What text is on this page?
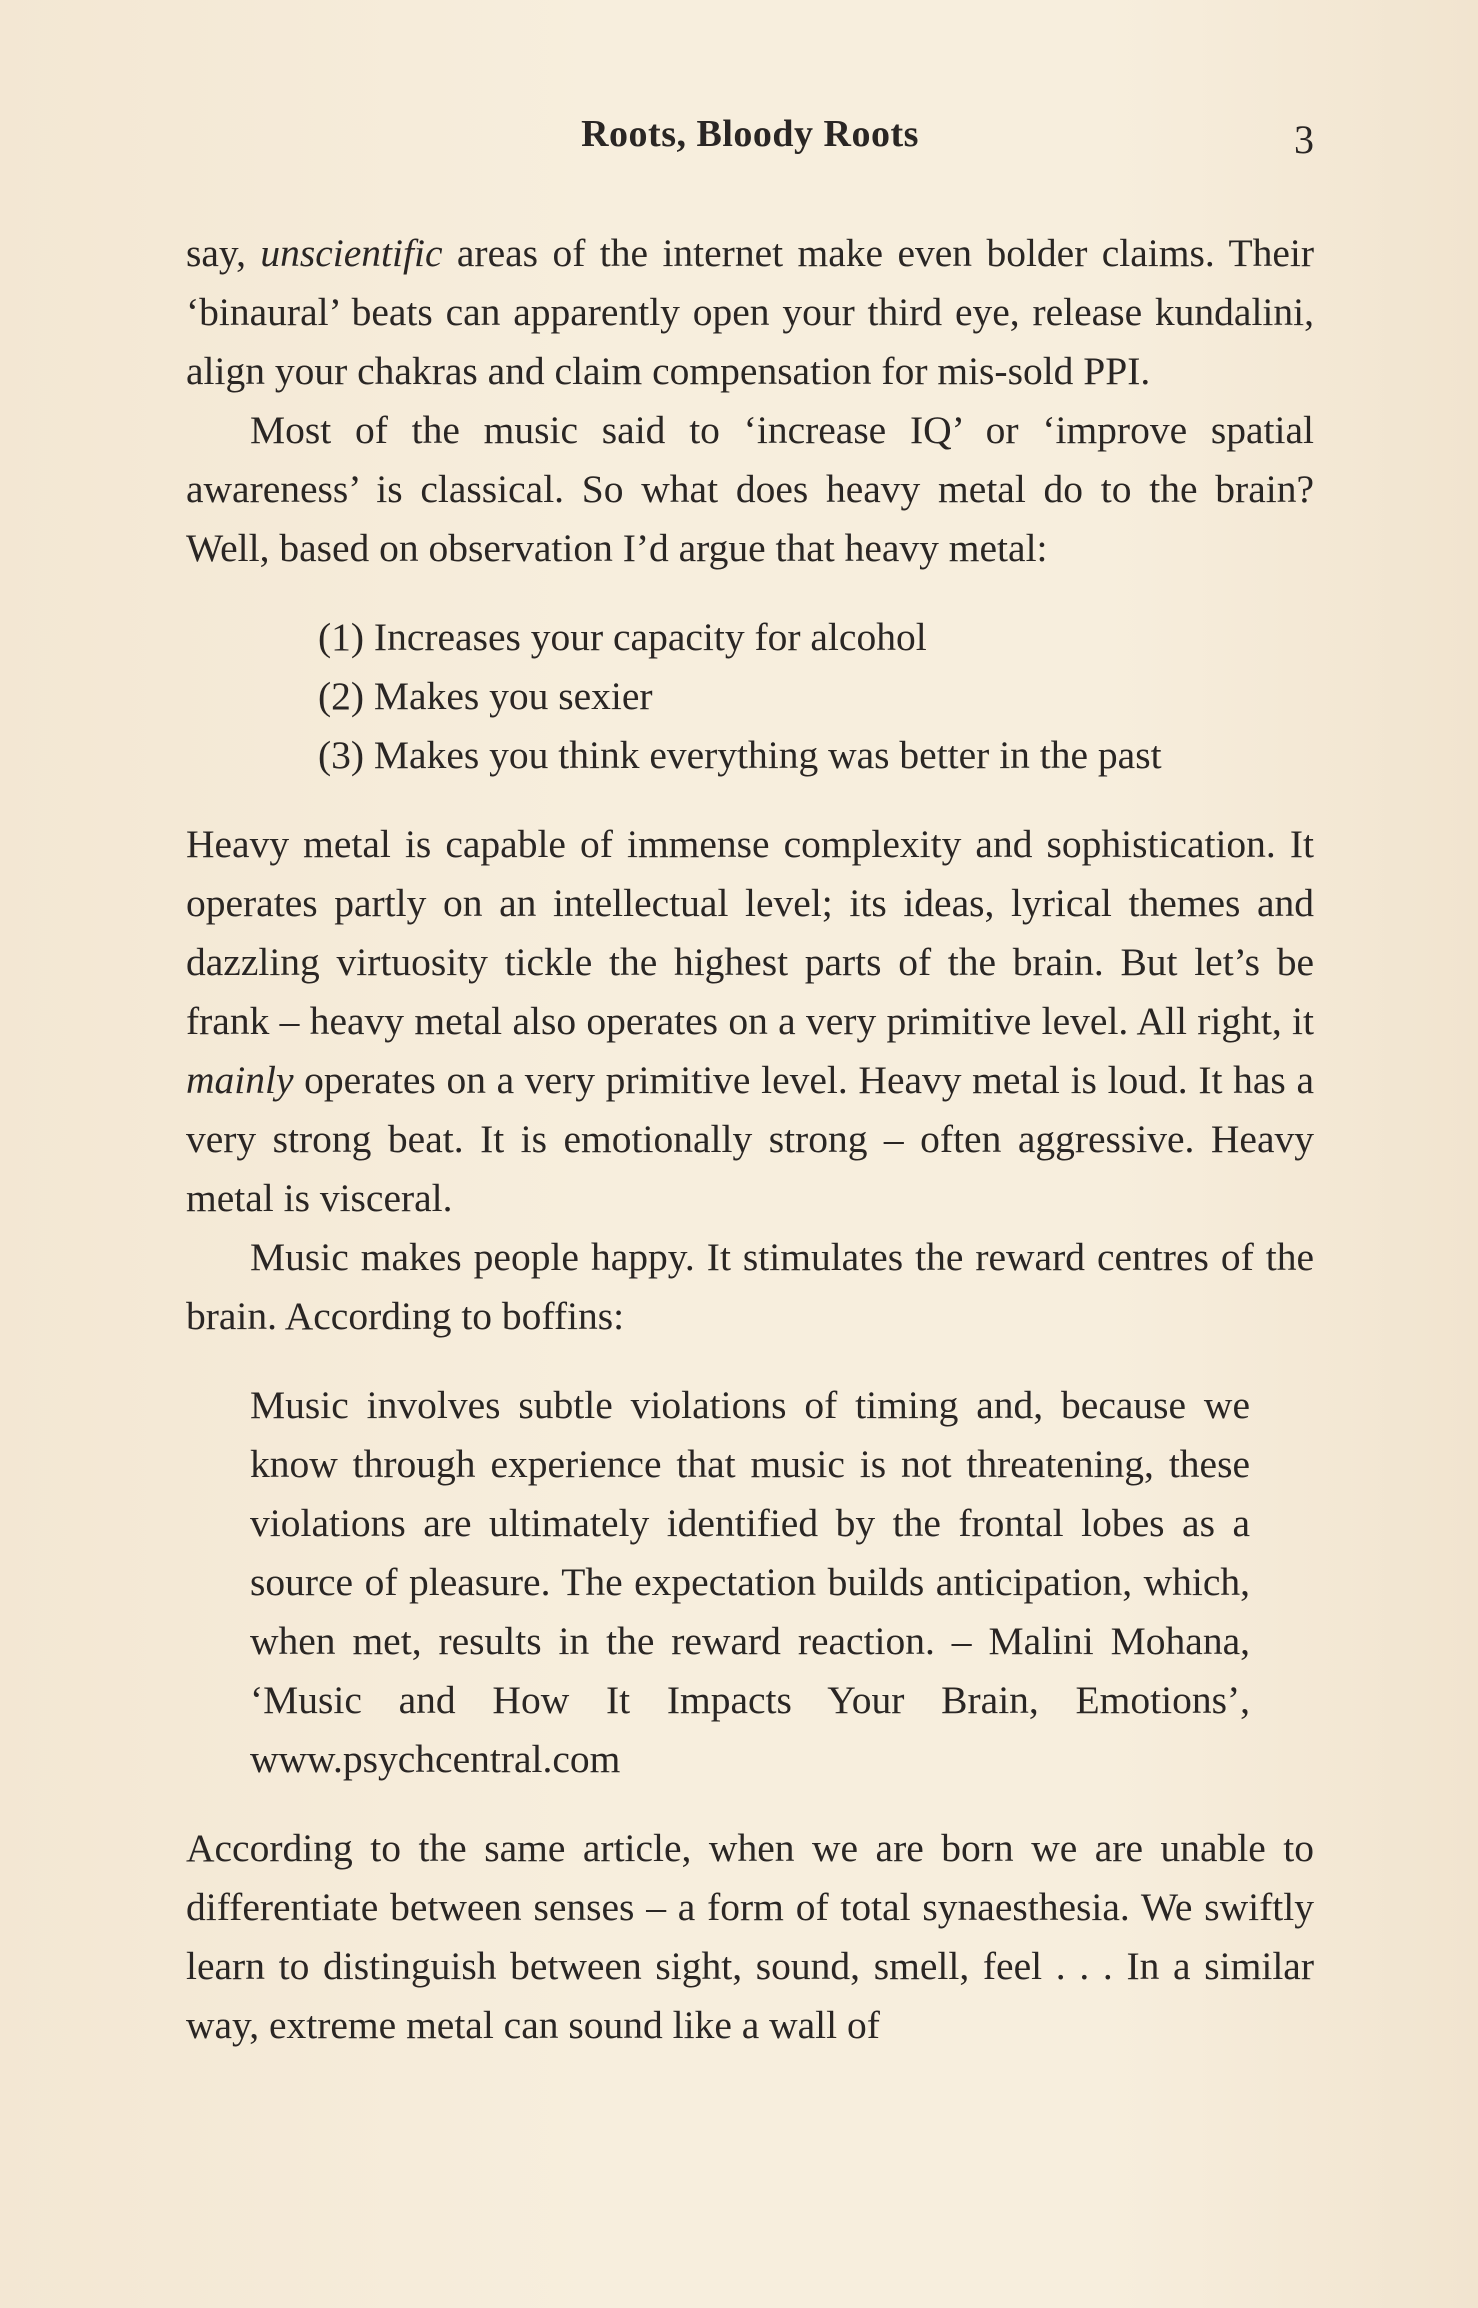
Roots, Bloody Roots	3

say, unscientific areas of the internet make even bolder claims. Their ‘binaural’ beats can apparently open your third eye, release kundalini, align your chakras and claim compensation for mis-sold PPI.

Most of the music said to ‘increase IQ’ or ‘improve spatial awareness’ is classical. So what does heavy metal do to the brain? Well, based on observation I’d argue that heavy metal:

(1) Increases your capacity for alcohol
(2) Makes you sexier
(3) Makes you think everything was better in the past

Heavy metal is capable of immense complexity and sophistication. It operates partly on an intellectual level; its ideas, lyrical themes and dazzling virtuosity tickle the highest parts of the brain. But let’s be frank – heavy metal also operates on a very primitive level. All right, it mainly operates on a very primitive level. Heavy metal is loud. It has a very strong beat. It is emotionally strong – often aggressive. Heavy metal is visceral.

Music makes people happy. It stimulates the reward centres of the brain. According to boffins:

Music involves subtle violations of timing and, because we know through experience that music is not threatening, these violations are ultimately identified by the frontal lobes as a source of pleasure. The expectation builds anticipation, which, when met, results in the reward reaction. – Malini Mohana, ‘Music and How It Impacts Your Brain, Emotions’, www.psychcentral.com

According to the same article, when we are born we are unable to differentiate between senses – a form of total synaesthesia. We swiftly learn to distinguish between sight, sound, smell, feel . . . In a similar way, extreme metal can sound like a wall of
